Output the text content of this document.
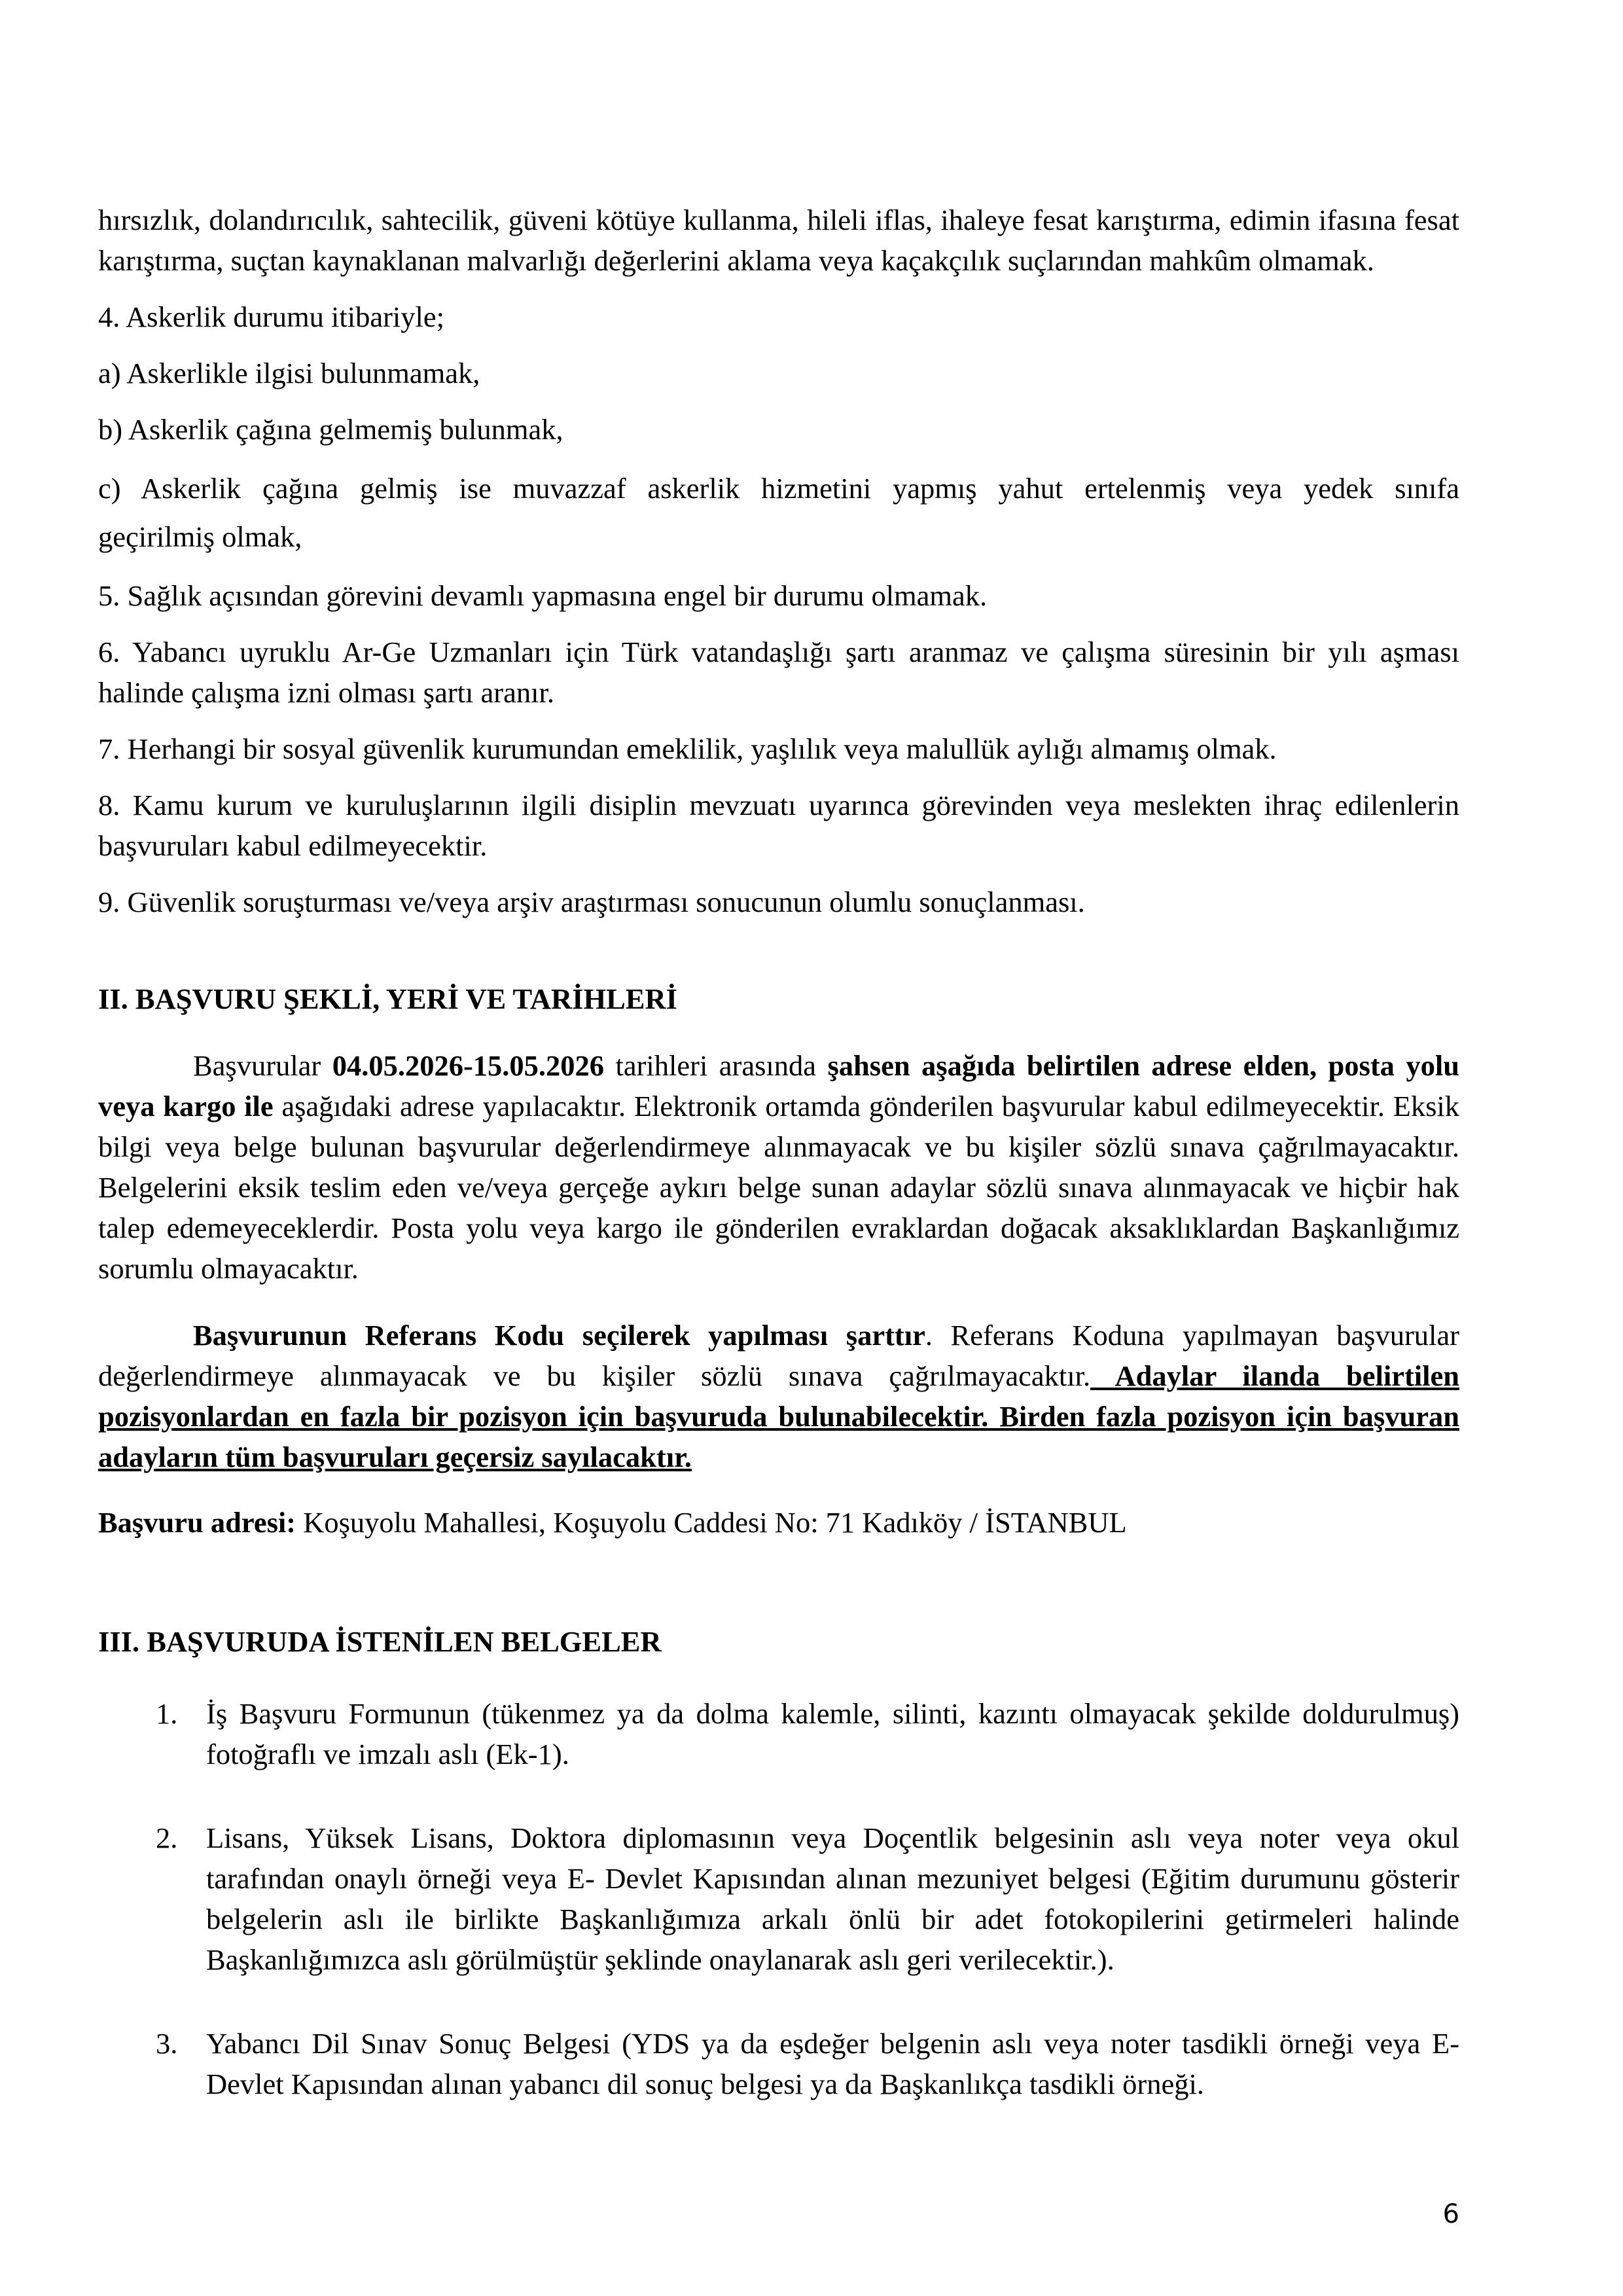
hırsızlık, dolandırıcılık, sahtecilik, güveni kötüye kullanma, hileli iflas, ihaleye fesat karıştırma, edimin ifasına fesat karıştırma, suçtan kaynaklanan malvarlığı değerlerini aklama veya kaçakçılık suçlarından mahkûm olmamak.

4. Askerlik durumu itibariyle;

a) Askerlikle ilgisi bulunmamak,

b) Askerlik çağına gelmemiş bulunmak,

c) Askerlik çağına gelmiş ise muvazzaf askerlik hizmetini yapmış yahut ertelenmiş veya yedek sınıfa

geçirilmiş olmak,

5. Sağlık açısından görevini devamlı yapmasına engel bir durumu olmamak.

6. Yabancı uyruklu Ar-Ge Uzmanları için Türk vatandaşlığı şartı aranmaz ve çalışma süresinin bir yılı aşması halinde çalışma izni olması şartı aranır.

7. Herhangi bir sosyal güvenlik kurumundan emeklilik, yaşlılık veya malullük aylığı almamış olmak.

8. Kamu kurum ve kuruluşlarının ilgili disiplin mevzuatı uyarınca görevinden veya meslekten ihraç edilenlerin başvuruları kabul edilmeyecektir.

9. Güvenlik soruşturması ve/veya arşiv araştırması sonucunun olumlu sonuçlanması.

II. BAŞVURU ŞEKLİ, YERİ VE TARİHLERİ

Başvurular 04.05.2026-15.05.2026 tarihleri arasında şahsen aşağıda belirtilen adrese elden, posta yolu veya kargo ile aşağıdaki adrese yapılacaktır. Elektronik ortamda gönderilen başvurular kabul edilmeyecektir. Eksik bilgi veya belge bulunan başvurular değerlendirmeye alınmayacak ve bu kişiler sözlü sınava çağrılmayacaktır. Belgelerini eksik teslim eden ve/veya gerçeğe aykırı belge sunan adaylar sözlü sınava alınmayacak ve hiçbir hak talep edemeyeceklerdir. Posta yolu veya kargo ile gönderilen evraklardan doğacak aksaklıklardan Başkanlığımız sorumlu olmayacaktır.

Başvurunun Referans Kodu seçilerek yapılması şarttır. Referans Koduna yapılmayan başvurular değerlendirmeye alınmayacak ve bu kişiler sözlü sınava çağrılmayacaktır. Adaylar ilanda belirtilen pozisyonlardan en fazla bir pozisyon için başvuruda bulunabilecektir. Birden fazla pozisyon için başvuran adayların tüm başvuruları geçersiz sayılacaktır.

Başvuru adresi: Koşuyolu Mahallesi, Koşuyolu Caddesi No: 71 Kadıköy / İSTANBUL

III. BAŞVURUDA İSTENİLEN BELGELER

1. İş Başvuru Formunun (tükenmez ya da dolma kalemle, silinti, kazıntı olmayacak şekilde doldurulmuş) fotoğraflı ve imzalı aslı (Ek-1).
2. Lisans, Yüksek Lisans, Doktora diplomasının veya Doçentlik belgesinin aslı veya noter veya okul tarafından onaylı örneği veya E- Devlet Kapısından alınan mezuniyet belgesi (Eğitim durumunu gösterir belgelerin aslı ile birlikte Başkanlığımıza arkalı önlü bir adet fotokopilerini getirmeleri halinde Başkanlığımızca aslı görülmüştür şeklinde onaylanarak aslı geri verilecektir.).
3. Yabancı Dil Sınav Sonuç Belgesi (YDS ya da eşdeğer belgenin aslı veya noter tasdikli örneği veya E- Devlet Kapısından alınan yabancı dil sonuç belgesi ya da Başkanlıkça tasdikli örneği.
6
